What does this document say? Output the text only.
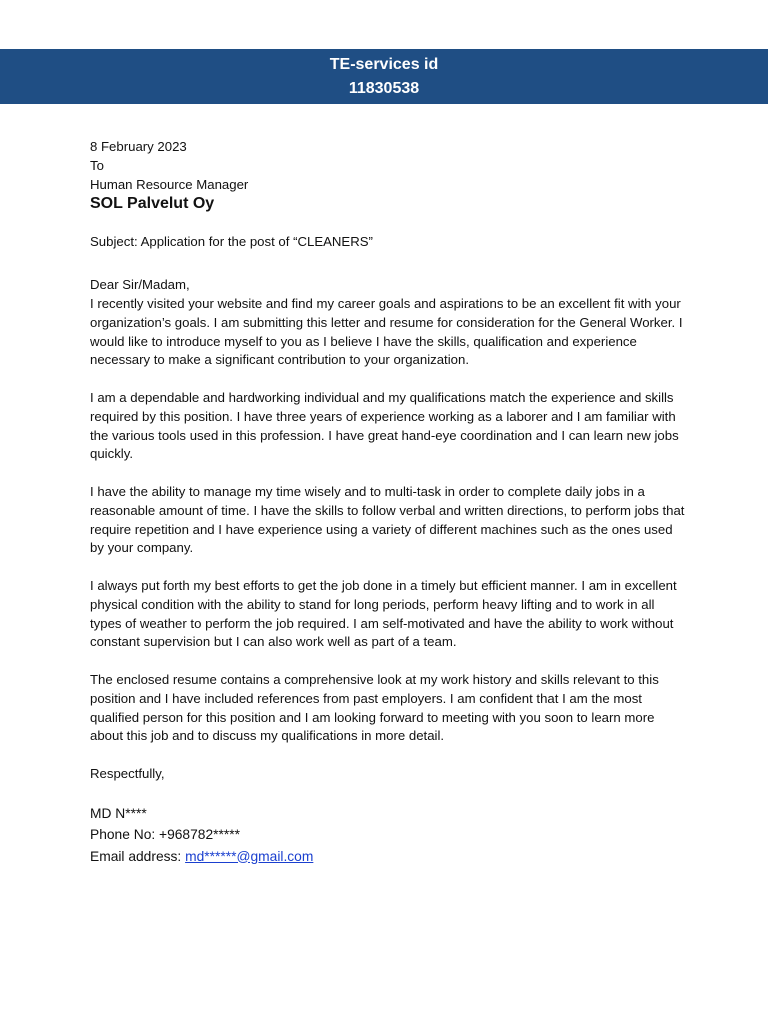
TE-services id
11830538
8 February 2023
To
Human Resource Manager
SOL Palvelut Oy
Subject: Application for the post of “CLEANERS”
Dear Sir/Madam,

I recently visited your website and find my career goals and aspirations to be an excellent fit with your organization’s goals. I am submitting this letter and resume for consideration for the General Worker. I would like to introduce myself to you as I believe I have the skills, qualification and experience necessary to make a significant contribution to your organization.

I am a dependable and hardworking individual and my qualifications match the experience and skills required by this position. I have three years of experience working as a laborer and I am familiar with the various tools used in this profession. I have great hand-eye coordination and I can learn new jobs quickly.

I have the ability to manage my time wisely and to multi-task in order to complete daily jobs in a reasonable amount of time. I have the skills to follow verbal and written directions, to perform jobs that require repetition and I have experience using a variety of different machines such as the ones used by your company.

I always put forth my best efforts to get the job done in a timely but efficient manner. I am in excellent physical condition with the ability to stand for long periods, perform heavy lifting and to work in all types of weather to perform the job required. I am self-motivated and have the ability to work without constant supervision but I can also work well as part of a team.

The enclosed resume contains a comprehensive look at my work history and skills relevant to this position and I have included references from past employers. I am confident that I am the most qualified person for this position and I am looking forward to meeting with you soon to learn more about this job and to discuss my qualifications in more detail.

Respectfully,
MD N****
Phone No: +968782*****
Email address: md******@gmail.com
